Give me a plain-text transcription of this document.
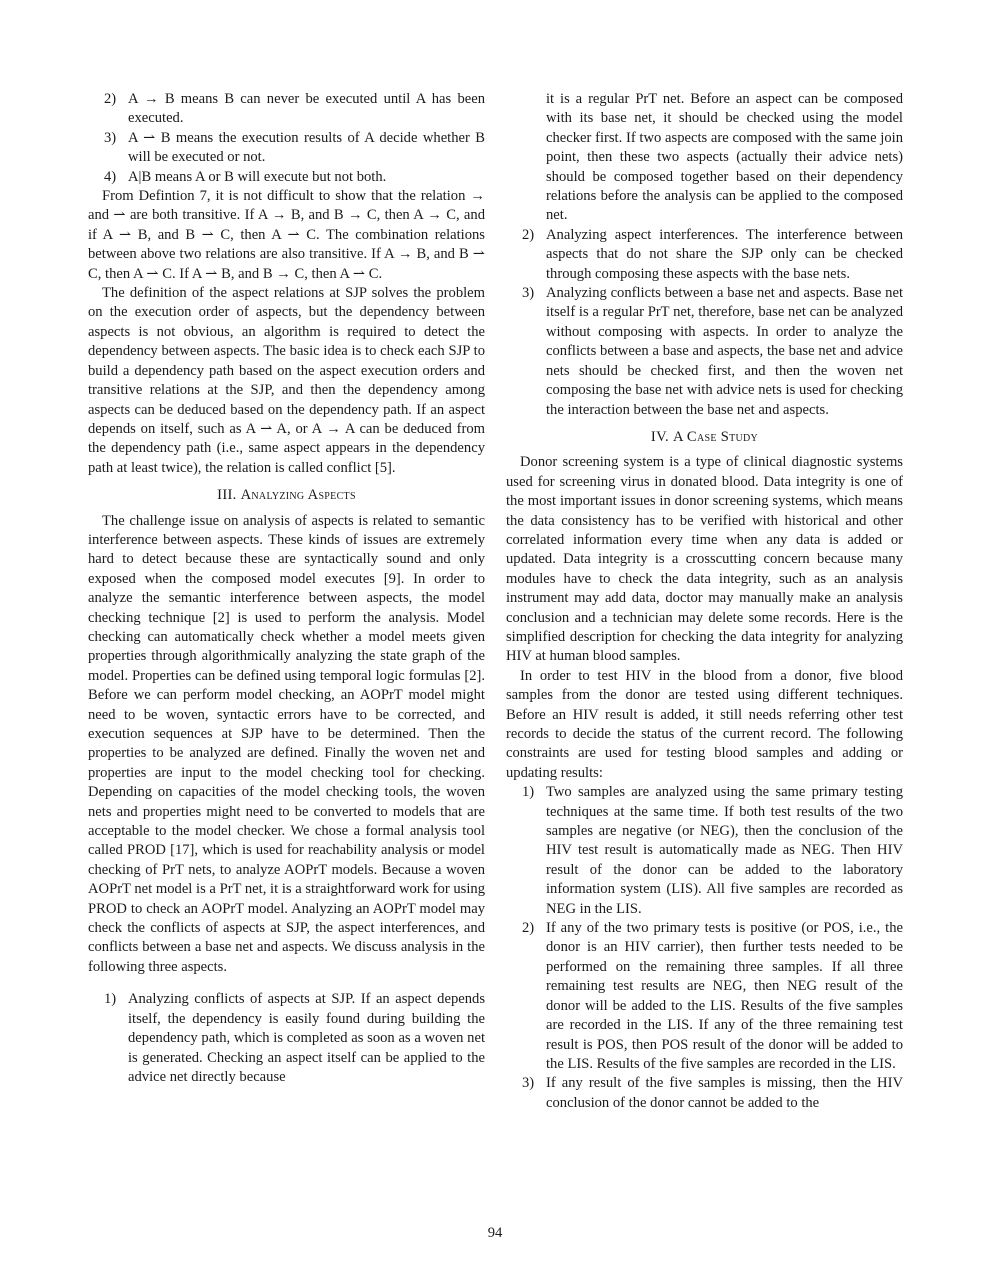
2) A → B means B can never be executed until A has been executed.
3) A ⇀ B means the execution results of A decide whether B will be executed or not.
4) A|B means A or B will execute but not both.

From Defintion 7, it is not difficult to show that the relation → and ⇀ are both transitive. If A → B, and B → C, then A → C, and if A ⇀ B, and B ⇀ C, then A ⇀ C. The combination relations between above two relations are also transitive. If A → B, and B ⇀ C, then A ⇀ C. If A ⇀ B, and B → C, then A ⇀ C.

The definition of the aspect relations at SJP solves the problem on the execution order of aspects, but the dependency between aspects is not obvious, an algorithm is required to detect the dependency between aspects. The basic idea is to check each SJP to build a dependency path based on the aspect execution orders and transitive relations at the SJP, and then the dependency among aspects can be deduced based on the dependency path. If an aspect depends on itself, such as A ⇀ A, or A → A can be deduced from the dependency path (i.e., same aspect appears in the dependency path at least twice), the relation is called conflict [5].

III. Analyzing Aspects

The challenge issue on analysis of aspects is related to semantic interference between aspects. These kinds of issues are extremely hard to detect because these are syntactically sound and only exposed when the composed model executes [9]. In order to analyze the semantic interference between aspects, the model checking technique [2] is used to perform the analysis. Model checking can automatically check whether a model meets given properties through algorithmically analyzing the state graph of the model. Properties can be defined using temporal logic formulas [2]. Before we can perform model checking, an AOPrT model might need to be woven, syntactic errors have to be corrected, and execution sequences at SJP have to be determined. Then the properties to be analyzed are defined. Finally the woven net and properties are input to the model checking tool for checking. Depending on capacities of the model checking tools, the woven nets and properties might need to be converted to models that are acceptable to the model checker. We chose a formal analysis tool called PROD [17], which is used for reachability analysis or model checking of PrT nets, to analyze AOPrT models. Because a woven AOPrT net model is a PrT net, it is a straightforward work for using PROD to check an AOPrT model. Analyzing an AOPrT model may check the conflicts of aspects at SJP, the aspect interferences, and conflicts between a base net and aspects. We discuss analysis in the following three aspects.

1) Analyzing conflicts of aspects at SJP. If an aspect depends itself, the dependency is easily found during building the dependency path, which is completed as soon as a woven net is generated. Checking an aspect itself can be applied to the advice net directly because
it is a regular PrT net. Before an aspect can be composed with its base net, it should be checked using the model checker first. If two aspects are composed with the same join point, then these two aspects (actually their advice nets) should be composed together based on their dependency relations before the analysis can be applied to the composed net.
2) Analyzing aspect interferences. The interference between aspects that do not share the SJP only can be checked through composing these aspects with the base nets.
3) Analyzing conflicts between a base net and aspects. Base net itself is a regular PrT net, therefore, base net can be analyzed without composing with aspects. In order to analyze the conflicts between a base and aspects, the base net and advice nets should be checked first, and then the woven net composing the base net with advice nets is used for checking the interaction between the base net and aspects.
IV. A Case Study

Donor screening system is a type of clinical diagnostic systems used for screening virus in donated blood. Data integrity is one of the most important issues in donor screening systems, which means the data consistency has to be verified with historical and other correlated information every time when any data is added or updated. Data integrity is a crosscutting concern because many modules have to check the data integrity, such as an analysis instrument may add data, doctor may manually make an analysis conclusion and a technician may delete some records. Here is the simplified description for checking the data integrity for analyzing HIV at human blood samples.

In order to test HIV in the blood from a donor, five blood samples from the donor are tested using different techniques. Before an HIV result is added, it still needs referring other test records to decide the status of the current record. The following constraints are used for testing blood samples and adding or updating results:

1) Two samples are analyzed using the same primary testing techniques at the same time. If both test results of the two samples are negative (or NEG), then the conclusion of the HIV test result is automatically made as NEG. Then HIV result of the donor can be added to the laboratory information system (LIS). All five samples are recorded as NEG in the LIS.
2) If any of the two primary tests is positive (or POS, i.e., the donor is an HIV carrier), then further tests needed to be performed on the remaining three samples. If all three remaining test results are NEG, then NEG result of the donor will be added to the LIS. Results of the five samples are recorded in the LIS. If any of the three remaining test result is POS, then POS result of the donor will be added to the LIS. Results of the five samples are recorded in the LIS.
3) If any result of the five samples is missing, then the HIV conclusion of the donor cannot be added to the
94
